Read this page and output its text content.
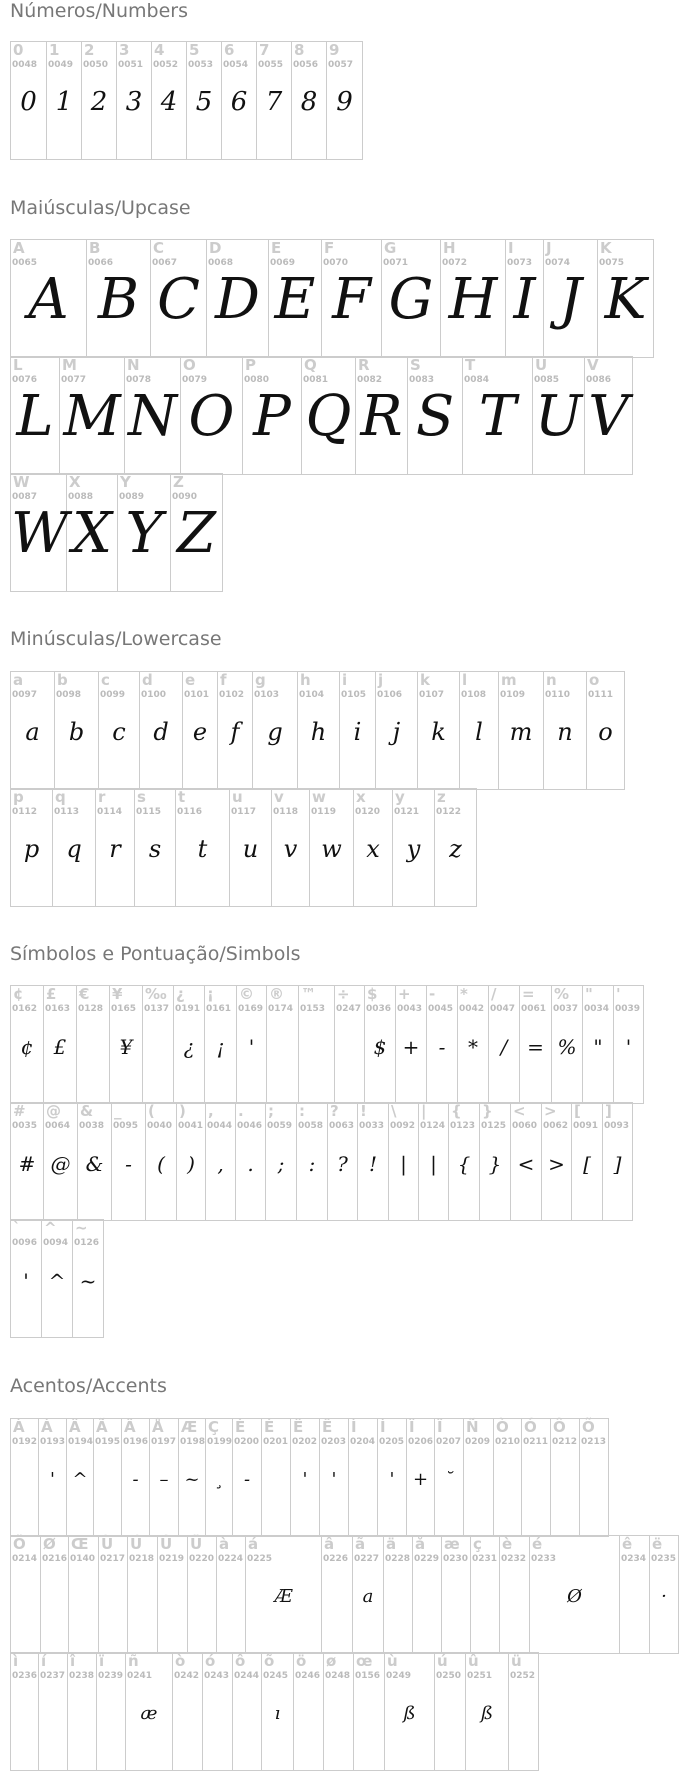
Números/Numbers
Maiúsculas/Upcase
Minúsculas/Lowercase
Símbolos e Pontuação/Simbols
Acentos/Accents
0
0048
0
1
0049
1
2
0050
2
3
0051
3
4
0052
4
5
0053
5
6
0054
6
7
0055
7
8
0056
8
9
0057
9
A
0065
A
B
0066
B
C
0067
C
D
0068
D
E
0069
E
F
0070
F
G
0071
G
H
0072
H
I
0073
I
J
0074
J
K
0075
K
L
0076
L
M
0077
M
N
0078
N
O
0079
O
P
0080
P
Q
0081
Q
R
0082
R
S
0083
S
T
0084
T
U
0085
U
V
0086
V
W
0087
W
X
0088
X
Y
0089
Y
Z
0090
Z
a
0097
a
b
0098
b
c
0099
c
d
0100
d
e
0101
e
f
0102
f
g
0103
g
h
0104
h
i
0105
i
j
0106
j
k
0107
k
l
0108
l
m
0109
m
n
0110
n
o
0111
o
p
0112
p
q
0113
q
r
0114
r
s
0115
s
t
0116
t
u
0117
u
v
0118
v
w
0119
w
x
0120
x
y
0121
y
z
0122
z
¢
0162
¢
£
0163
£
€
0128
¥
0165
¥
‰
0137
¿
0191
¿
¡
0161
¡
©
0169
'
®
0174
™
0153
÷
0247
$
0036
$
+
0043
+
-
0045
-
*
0042
*
/
0047
/
=
0061
=
%
0037
%
"
0034
"
'
0039
'
#
0035
#
@
0064
@
&
0038
&
_
0095
-
(
0040
(
)
0041
)
,
0044
,
.
0046
.
;
0059
;
:
0058
:
?
0063
?
!
0033
!
\
0092
|
|
0124
|
{
0123
{
}
0125
}
<
0060
<
>
0062
>
[
0091
[
]
0093
]
`
0096
'
^
0094
^
~
0126
~
À
0192
Á
0193
'
Â
0194
^
Ã
0195
Ä
0196
-
Å
0197
–
Æ
0198
~
Ç
0199
¸
È
0200
-
É
0201
Ê
0202
'
Ë
0203
'
Ì
0204
Í
0205
'
Î
0206
+
Ï
0207
˘
Ñ
0209
Ò
0210
Ó
0211
Ô
0212
Õ
0213
Ö
0214
Ø
0216
Œ
0140
Ù
0217
Ú
0218
Û
0219
Ü
0220
à
0224
á
0225
Æ
â
0226
ã
0227
a
ä
0228
å
0229
æ
0230
ç
0231
è
0232
é
0233
Ø
ê
0234
ë
0235
·
ì
0236
í
0237
î
0238
ï
0239
ñ
0241
æ
ò
0242
ó
0243
ô
0244
õ
0245
ı
ö
0246
ø
0248
œ
0156
ù
0249
ß
ú
0250
û
0251
ß
ü
0252
